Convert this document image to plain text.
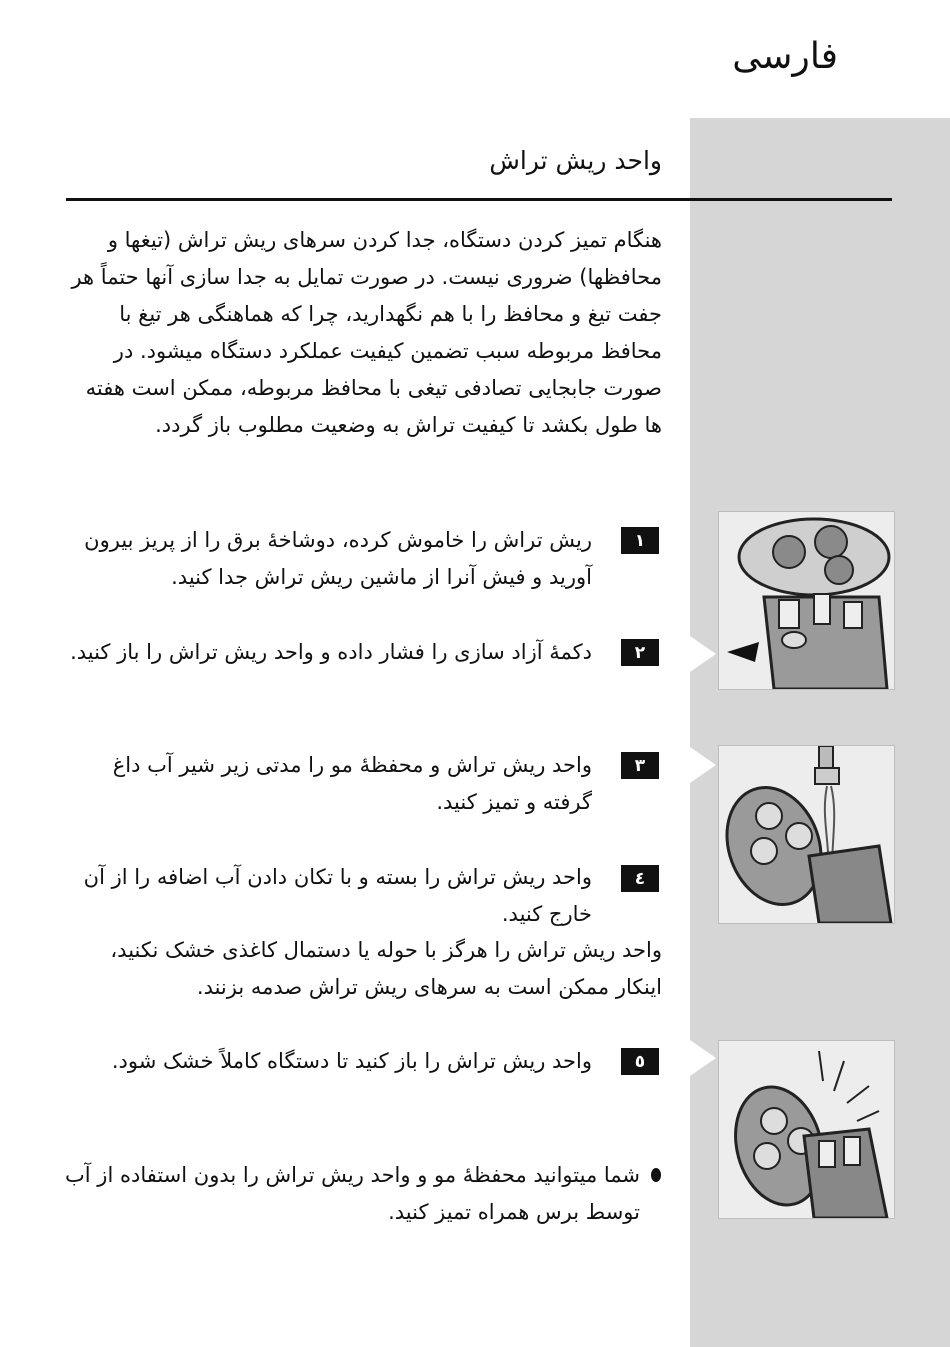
فارسی
واحد ریش تراش

هنگام تمیز کردن دستگاه، جدا کردن سرهای ریش تراش (تیغها و محافظها) ضروری نیست. در صورت تمایل به جدا سازی آنها حتماً هر جفت تیغ و محافظ را با هم نگهدارید، چرا که هماهنگی هر تیغ با محافظ مربوطه سبب تضمین کیفیت عملکرد دستگاه میشود. در صورت جابجایی تصادفی تیغی با محافظ مربوطه، ممکن است هفته ها طول بکشد تا کیفیت تراش به وضعیت مطلوب باز گردد.

١

ریش تراش را خاموش کرده، دوشاخهٔ برق را از پریز بیرون آورید و فیش آنرا از ماشین ریش تراش جدا کنید.

٢

دکمهٔ آزاد سازی را فشار داده و واحد ریش تراش را باز کنید.

٣

واحد ریش تراش و محفظهٔ مو را مدتی زیر شیر آب داغ گرفته و تمیز کنید.

٤

واحد ریش تراش را بسته و با تکان دادن آب اضافه را از آن خارج کنید.

واحد ریش تراش را هرگز با حوله یا دستمال کاغذی خشک نکنید، اینکار ممکن است به سرهای ریش تراش صدمه بزنند.

٥

واحد ریش تراش را باز کنید تا دستگاه کاملاً خشک شود.

شما میتوانید محفظهٔ مو و واحد ریش تراش را بدون استفاده از آب توسط برس همراه تمیز کنید.
